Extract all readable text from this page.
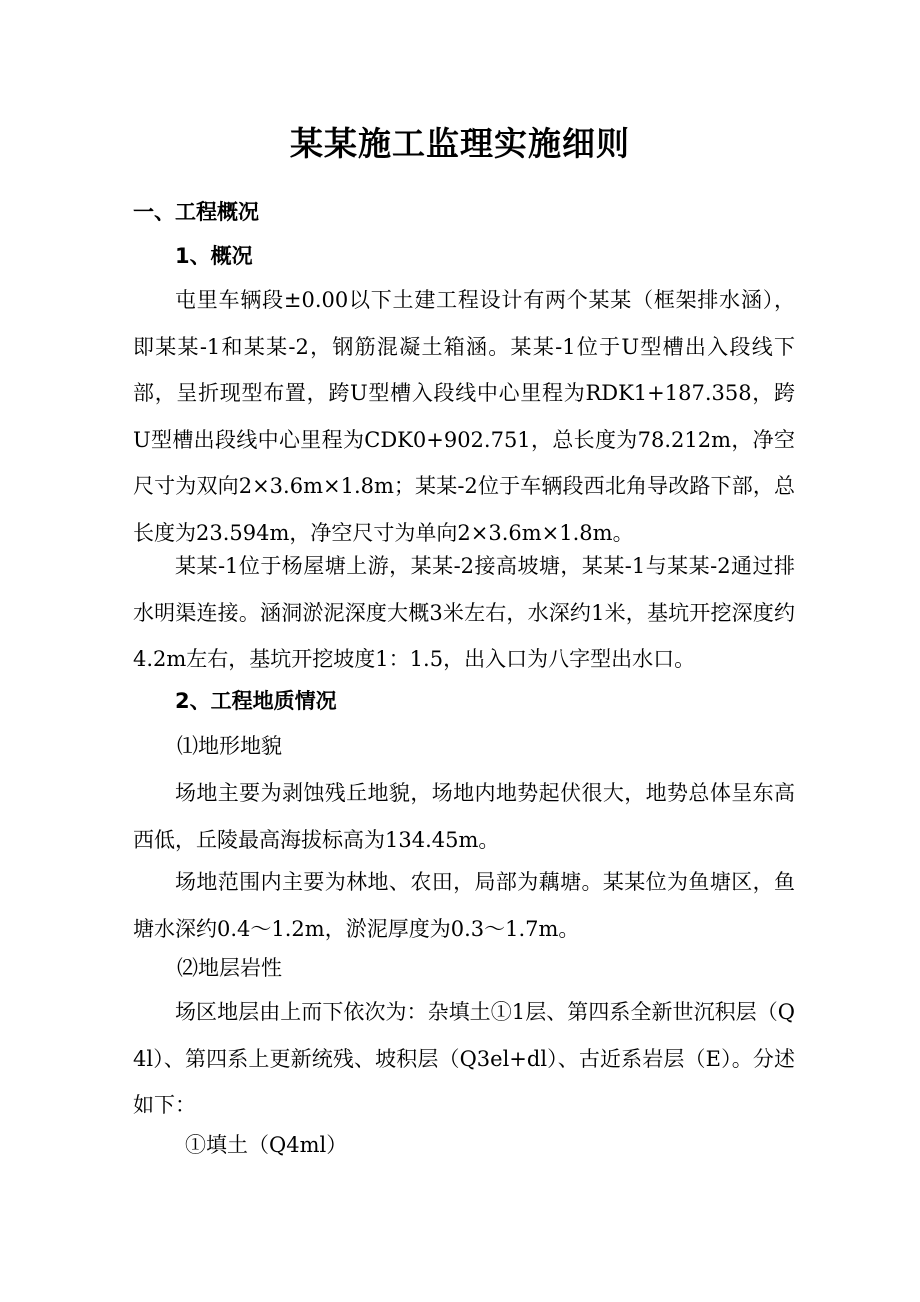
某某施工监理实施细则
一、工程概况
1、概况
屯里车辆段±0.00以下土建工程设计有两个某某（框架排水涵），即某某-1和某某-2，钢筋混凝土箱涵。某某-1位于U型槽出入段线下部，呈折现型布置，跨U型槽入段线中心里程为RDK1+187.358，跨U型槽出段线中心里程为CDK0+902.751，总长度为78.212m，净空尺寸为双向2×3.6m×1.8m；某某-2位于车辆段西北角导改路下部，总长度为23.594m，净空尺寸为单向2×3.6m×1.8m。
某某-1位于杨屋塘上游，某某-2接高坡塘，某某-1与某某-2通过排水明渠连接。涵洞淤泥深度大概3米左右，水深约1米，基坑开挖深度约4.2m左右，基坑开挖坡度1：1.5，出入口为八字型出水口。
2、工程地质情况
⑴地形地貌
场地主要为剥蚀残丘地貌，场地内地势起伏很大，地势总体呈东高西低，丘陵最高海拔标高为134.45m。
场地范围内主要为林地、农田，局部为藕塘。某某位为鱼塘区，鱼塘水深约0.4～1.2m，淤泥厚度为0.3～1.7m。
⑵地层岩性
场区地层由上而下依次为：杂填土①1层、第四系全新世沉积层（Q4l）、第四系上更新统残、坡积层（Q3el+dl）、古近系岩层（E）。分述如下：
①填土（Q4ml）
